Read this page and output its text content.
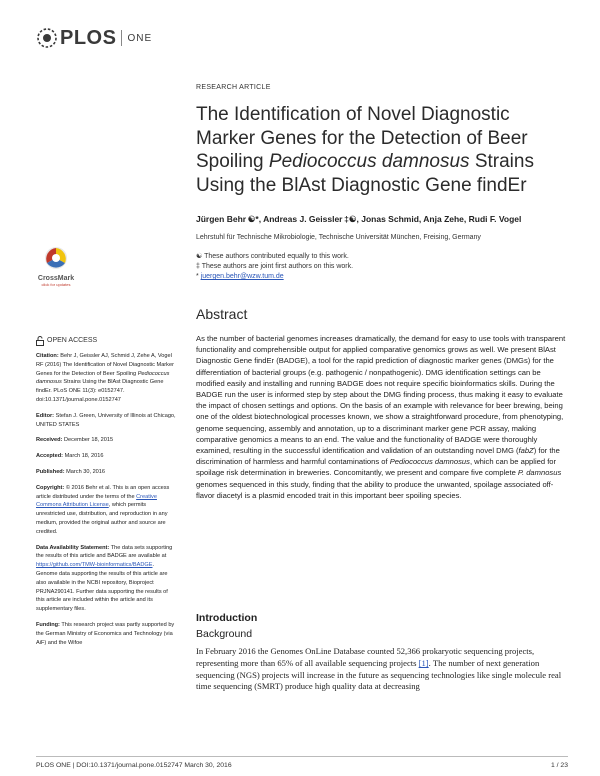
PLOS ONE
RESEARCH ARTICLE
The Identification of Novel Diagnostic Marker Genes for the Detection of Beer Spoiling Pediococcus damnosus Strains Using the BlAst Diagnostic Gene findEr
Jürgen Behr ☯*, Andreas J. Geissler ‡☯, Jonas Schmid, Anja Zehe, Rudi F. Vogel
Lehrstuhl für Technische Mikrobiologie, Technische Universität München, Freising, Germany
☯ These authors contributed equally to this work.
‡ These authors are joint first authors on this work.
* juergen.behr@wzw.tum.de
CrossMark
click for updates
OPEN ACCESS
Citation: Behr J, Geissler AJ, Schmid J, Zehe A, Vogel RF (2016) The Identification of Novel Diagnostic Marker Genes for the Detection of Beer Spoiling Pediococcus damnosus Strains Using the BlAst Diagnostic Gene findEr. PLoS ONE 11(3): e0152747. doi:10.1371/journal.pone.0152747
Editor: Stefan J. Green, University of Illinois at Chicago, UNITED STATES
Received: December 18, 2015
Accepted: March 18, 2016
Published: March 30, 2016
Copyright: © 2016 Behr et al. This is an open access article distributed under the terms of the Creative Commons Attribution License, which permits unrestricted use, distribution, and reproduction in any medium, provided the original author and source are credited.
Data Availability Statement: The data sets supporting the results of this article and BADGE are available at https://github.com/TMW-bioinformatics/BADGE. Genome data supporting the results of this article are also available in the NCBI repository, Bioproject PRJNA290141. Further data supporting the results of this article are included within the article and its supplementary files.
Funding: This research project was partly supported by the German Ministry of Economics and Technology (via AiF) and the Wifoe
Abstract
As the number of bacterial genomes increases dramatically, the demand for easy to use tools with transparent functionality and comprehensible output for applied comparative genomics grows as well. We present BlAst Diagnostic Gene findEr (BADGE), a tool for the rapid prediction of diagnostic marker genes (DMGs) for the differentiation of bacterial groups (e.g. pathogenic / nonpathogenic). DMG identification settings can be modified easily and installing and running BADGE does not require specific bioinformatics skills. During the BADGE run the user is informed step by step about the DMG finding process, thus making it easy to evaluate the impact of chosen settings and options. On the basis of an example with relevance for beer brewing, being one of the oldest biotechnological processes known, we show a straightforward procedure, from phenotyping, genome sequencing, assembly and annotation, up to a discriminant marker gene PCR assay, making comparative genomics a means to an end. The value and the functionality of BADGE were thoroughly examined, resulting in the successful identification and validation of an outstanding novel DMG (fabZ) for the discrimination of harmless and harmful contaminations of Pediococcus damnosus, which can be applied for spoilage risk determination in breweries. Concomitantly, we present and compare five complete P. damnosus genomes sequenced in this study, finding that the ability to produce the unwanted, spoilage associated off-flavor diacetyl is a plasmid encoded trait in this important beer spoiling species.
Introduction
Background
In February 2016 the Genomes OnLine Database counted 52,366 prokaryotic sequencing projects, representing more than 65% of all available sequencing projects [1]. The number of next generation sequencing (NGS) projects will increase in the future as sequencing technologies like single molecule real time sequencing (SMRT) produce high quality data at decreasing
PLOS ONE | DOI:10.1371/journal.pone.0152747 March 30, 2016	1 / 23
